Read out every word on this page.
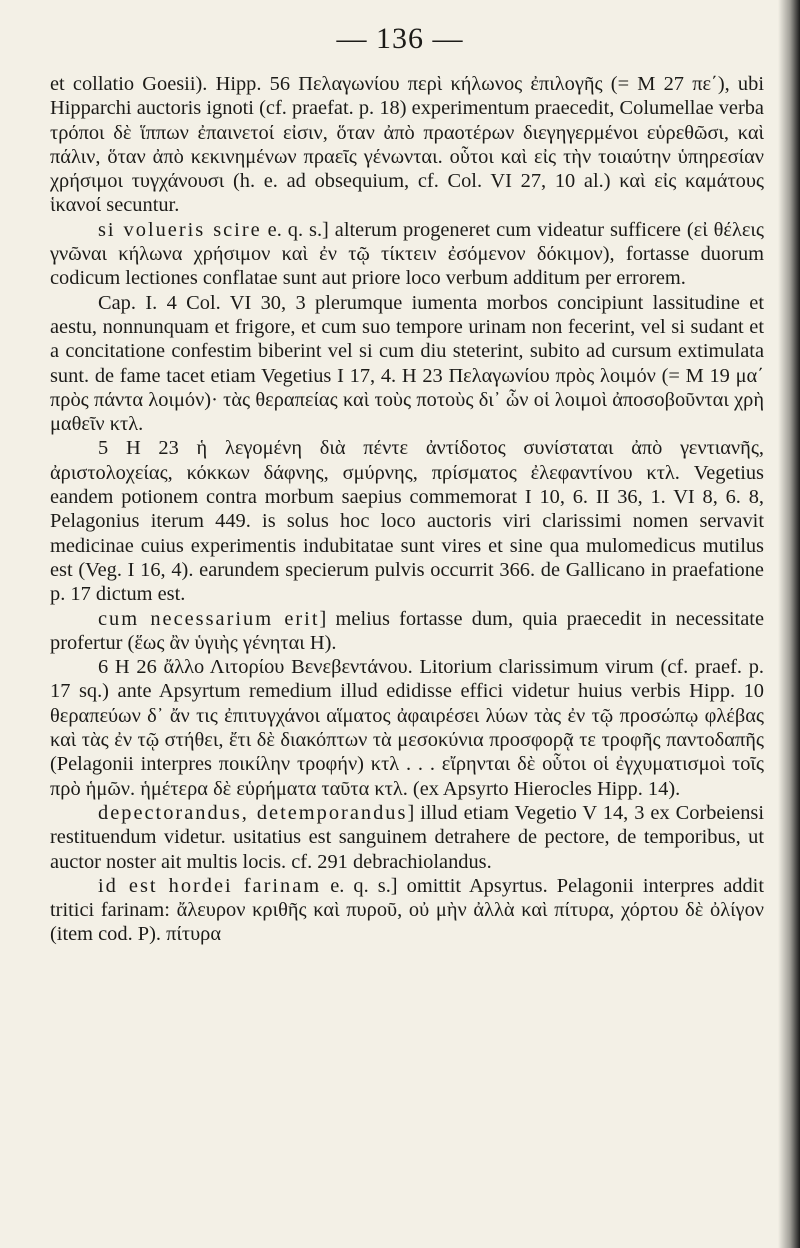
— 136 —

et collatio Goesii). Hipp. 56 Πελαγωνίου περὶ κήλωνος ἐπιλογῆς (= M 27 πε΄), ubi Hipparchi auctoris ignoti (cf. praefat. p. 18) experimentum praecedit, Columellae verba τρόποι δὲ ἵππων ἐπαινετοί εἰσιν, ὅταν ἀπὸ πραοτέρων διεγηγερμένοι εὑρεθῶσι, καὶ πάλιν, ὅταν ἀπὸ κεκινημένων πραεῖς γένωνται. οὗτοι καὶ εἰς τὴν τοιαύτην ὑπηρεσίαν χρήσιμοι τυγχάνουσι (h. e. ad obsequium, cf. Col. VI 27, 10 al.) καὶ εἰς καμάτους ἱκανοί secuntur.

si volueris scire e. q. s.] alterum progeneret cum videatur sufficere (εἰ θέλεις γνῶναι κήλωνα χρήσιμον καὶ ἐν τῷ τίκτειν ἐσόμενον δόκιμον), fortasse duorum codicum lectiones conflatae sunt aut priore loco verbum additum per errorem.

Cap. I. 4 Col. VI 30, 3 plerumque iumenta morbos concipiunt lassitudine et aestu, nonnunquam et frigore, et cum suo tempore urinam non fecerint, vel si sudant et a concitatione confestim biberint vel si cum diu steterint, subito ad cursum extimulata sunt. de fame tacet etiam Vegetius I 17, 4. H 23 Πελαγωνίου πρὸς λοιμόν (= M 19 μα΄ πρὸς πάντα λοιμόν)· τὰς θεραπείας καὶ τοὺς ποτοὺς δι᾽ ὧν οἱ λοιμοὶ ἀποσοβοῦνται χρὴ μαθεῖν κτλ.

5 H 23 ἡ λεγομένη διὰ πέντε ἀντίδοτος συνίσταται ἀπὸ γεντιανῆς, ἀριστολοχείας, κόκκων δάφνης, σμύρνης, πρίσματος ἐλεφαντίνου κτλ. Vegetius eandem potionem contra morbum saepius commemorat I 10, 6. II 36, 1. VI 8, 6. 8, Pelagonius iterum 449. is solus hoc loco auctoris viri clarissimi nomen servavit medicinae cuius experimentis indubitatae sunt vires et sine qua mulomedicus mutilus est (Veg. I 16, 4). earundem specierum pulvis occurrit 366. de Gallicano in praefatione p. 17 dictum est.

cum necessarium erit] melius fortasse dum, quia praecedit in necessitate profertur (ἕως ἂν ὑγιὴς γένηται H).

6 H 26 ἄλλο Λιτορίου Βενεβεντάνου. Litorium clarissimum virum (cf. praef. p. 17 sq.) ante Apsyrtum remedium illud edidisse effici videtur huius verbis Hipp. 10 θεραπεύων δ᾽ ἄν τις ἐπιτυγχάνοι αἵματος ἀφαιρέσει λύων τὰς ἐν τῷ προσώπῳ φλέβας καὶ τὰς ἐν τῷ στήθει, ἔτι δὲ διακόπτων τὰ μεσοκύνια προσφορᾷ τε τροφῆς παντοδαπῆς (Pelagonii interpres ποικίλην τροφήν) κτλ . . . εἴρηνται δὲ οὗτοι οἱ ἐγχυματισμοὶ τοῖς πρὸ ἡμῶν. ἡμέτερα δὲ εὑρήματα ταῦτα κτλ. (ex Apsyrto Hierocles Hipp. 14).

depectorandus, detemporandus] illud etiam Vegetio V 14, 3 ex Corbeiensi restituendum videtur. usitatius est sanguinem detrahere de pectore, de temporibus, ut auctor noster ait multis locis. cf. 291 debrachiolandus.

id est hordei farinam e. q. s.] omittit Apsyrtus. Pelagonii interpres addit tritici farinam: ἄλευρον κριθῆς καὶ πυροῦ, οὐ μὴν ἀλλὰ καὶ πίτυρα, χόρτου δὲ ὀλίγον (item cod. P). πίτυρα
